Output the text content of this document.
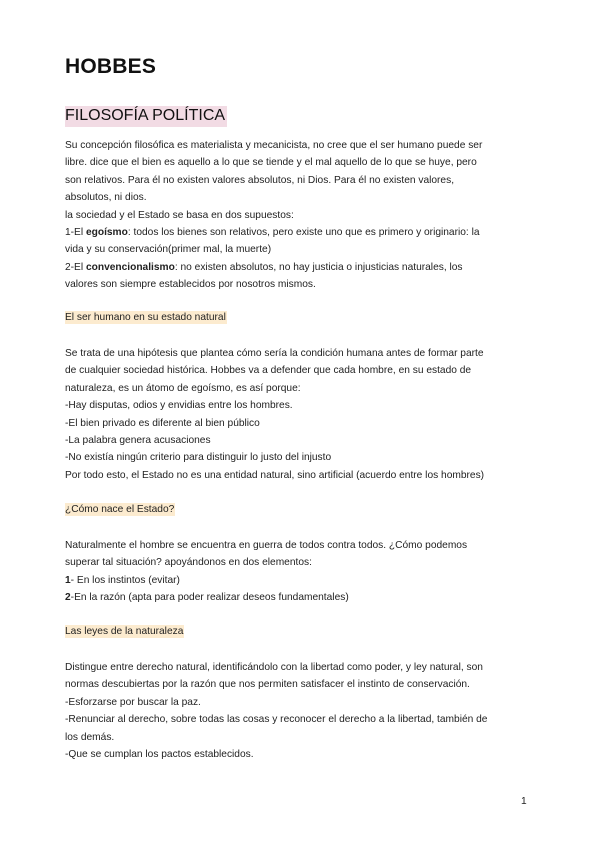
HOBBES
FILOSOFÍA POLÍTICA
Su concepción filosófica es materialista y mecanicista, no cree que el ser humano puede ser
libre. dice que el bien es aquello a lo que se tiende y el mal aquello de lo que se huye, pero
son relativos. Para él no existen valores absolutos, ni Dios. Para él no existen valores,
absolutos, ni dios.
la sociedad y el Estado se basa en dos supuestos:
1-El egoísmo: todos los bienes son relativos, pero existe uno que es primero y originario: la
vida y su conservación(primer mal, la muerte)
2-El convencionalismo: no existen absolutos, no hay justicia o injusticias naturales, los
valores son siempre establecidos por nosotros mismos.
El ser humano en su estado natural
Se trata de una hipótesis que plantea cómo sería la condición humana antes de formar parte
de cualquier sociedad histórica. Hobbes va a defender que cada hombre, en su estado de
naturaleza, es un átomo de egoísmo, es así porque:
-Hay disputas, odios y envidias entre los hombres.
-El bien privado es diferente al bien público
-La palabra genera acusaciones
-No existía ningún criterio para distinguir lo justo del injusto
Por todo esto, el Estado no es una entidad natural, sino artificial (acuerdo entre los hombres)
¿Cómo nace el Estado?
Naturalmente el hombre se encuentra en guerra de todos contra todos. ¿Cómo podemos
superar tal situación? apoyándonos en dos elementos:
1- En los instintos (evitar)
2-En la razón (apta para poder realizar deseos fundamentales)
Las leyes de la naturaleza
Distingue entre derecho natural, identificándolo con la libertad como poder, y ley natural, son
normas descubiertas por la razón que nos permiten satisfacer el instinto de conservación.
-Esforzarse por buscar la paz.
-Renunciar al derecho, sobre todas las cosas y reconocer el derecho a la libertad, también de
los demás.
-Que se cumplan los pactos establecidos.
1
